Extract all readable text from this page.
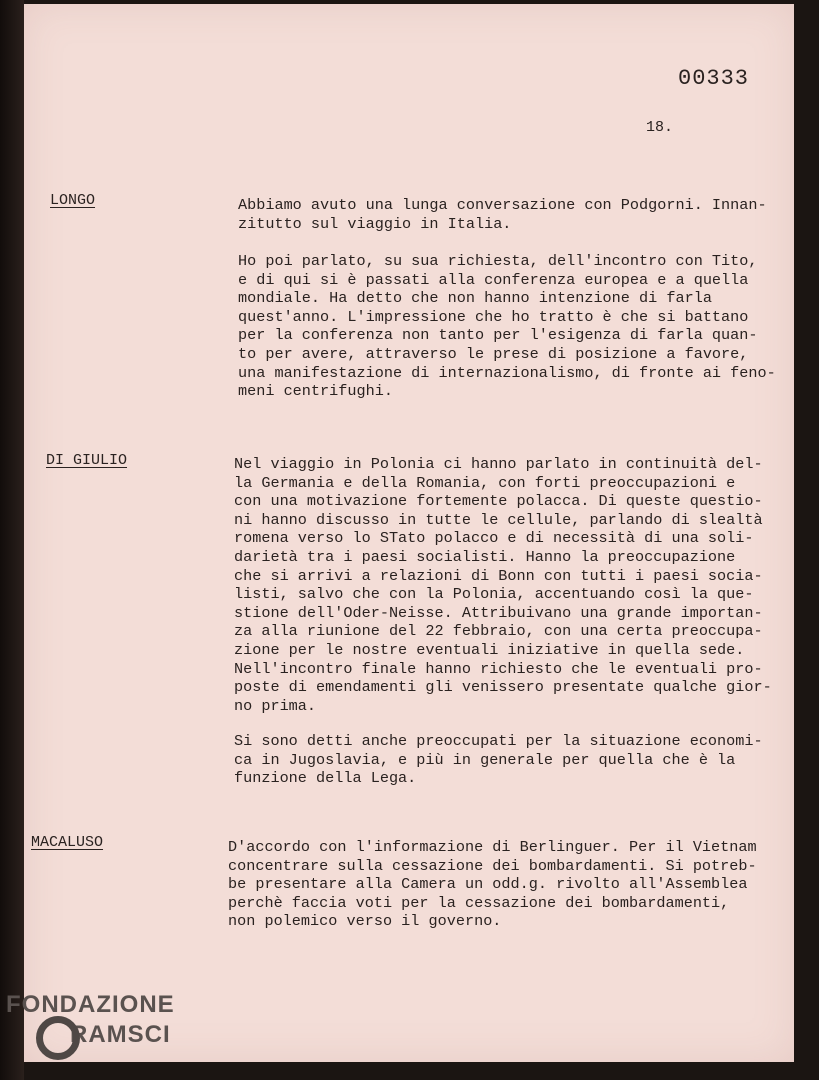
00333
18.
LONGO	Abbiamo avuto una lunga conversazione con Podgorni. Innan-
zitutto sul viaggio in Italia.

Ho poi parlato, su sua richiesta, dell'incontro con Tito,
e di qui si è passati alla conferenza europea e a quella
mondiale. Ha detto che non hanno intenzione di farla
quest'anno. L'impressione che ho tratto è che si battano
per la conferenza non tanto per l'esigenza di farla quan-
to per avere, attraverso le prese di posizione a favore,
una manifestazione di internazionalismo, di fronte ai feno-
meni centrifughi.

DI GIULIO	Nel viaggio in Polonia ci hanno parlato in continuità del-
la Germania e della Romania, con forti preoccupazioni e
con una motivazione fortemente polacca. Di queste questio-
ni hanno discusso in tutte le cellule, parlando di slealtà
romena verso lo STato polacco e di necessità di una soli-
darietà tra i paesi socialisti. Hanno la preoccupazione
che si arrivi a relazioni di Bonn con tutti i paesi socia-
listi, salvo che con la Polonia, accentuando così la que-
stione dell'Oder-Neisse. Attribuivano una grande importan-
za alla riunione del 22 febbraio, con una certa preoccupa-
zione per le nostre eventuali iniziative in quella sede.
Nell'incontro finale hanno richiesto che le eventuali pro-
poste di emendamenti gli venissero presentate qualche gior-
no prima.

Si sono detti anche preoccupati per la situazione economi-
ca in Jugoslavia, e più in generale per quella che è la
funzione della Lega.

MACALUSO	D'accordo con l'informazione di Berlinguer. Per il Vietnam
concentrare sulla cessazione dei bombardamenti. Si potreb-
be presentare alla Camera un odd.g. rivolto all'Assemblea
perchè faccia voti per la cessazione dei bombardamenti,
non polemico verso il governo.

FONDAZIONE
RAMSCI
